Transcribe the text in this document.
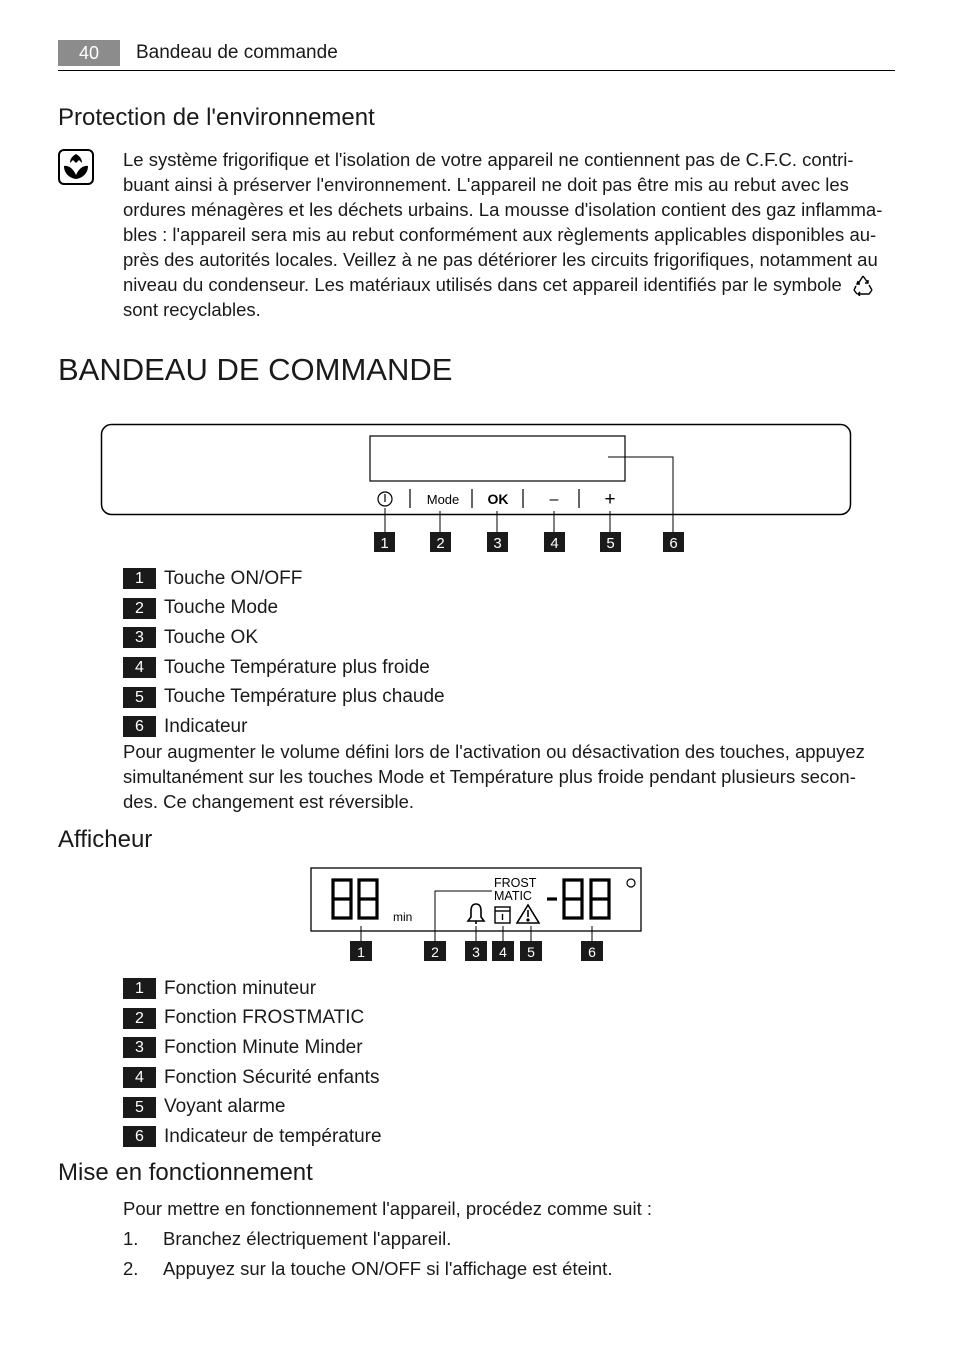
40	Bandeau de commande
Protection de l'environnement
Le système frigorifique et l'isolation de votre appareil ne contiennent pas de C.F.C. contri-
buant ainsi à préserver l'environnement. L'appareil ne doit pas être mis au rebut avec les
ordures ménagères et les déchets urbains. La mousse d'isolation contient des gaz inflamma-
bles : l'appareil sera mis au rebut conformément aux règlements applicables disponibles au-
près des autorités locales. Veillez à ne pas détériorer les circuits frigorifiques, notamment au
niveau du condenseur. Les matériaux utilisés dans cet appareil identifiés par le symbole
sont recyclables.
BANDEAU DE COMMANDE
Mode OK	– +
1	2	3	4	5	6
1	Touche ON/OFF
2	Touche Mode
3	Touche OK
4	Touche Température plus froide
5	Touche Température plus chaude
6	Indicateur
Pour augmenter le volume défini lors de l'activation ou désactivation des touches, appuyez
simultanément sur les touches Mode et Température plus froide pendant plusieurs secon-
des. Ce changement est réversible.
Afficheur
min
FROST
MATIC
1	2 3 4 5	6
1	Fonction minuteur
2	Fonction FROSTMATIC
3	Fonction Minute Minder
4	Fonction Sécurité enfants
5	Voyant alarme
6	Indicateur de température
Mise en fonctionnement
Pour mettre en fonctionnement l'appareil, procédez comme suit :
1.	Branchez électriquement l'appareil.
2.	Appuyez sur la touche ON/OFF si l'affichage est éteint.
